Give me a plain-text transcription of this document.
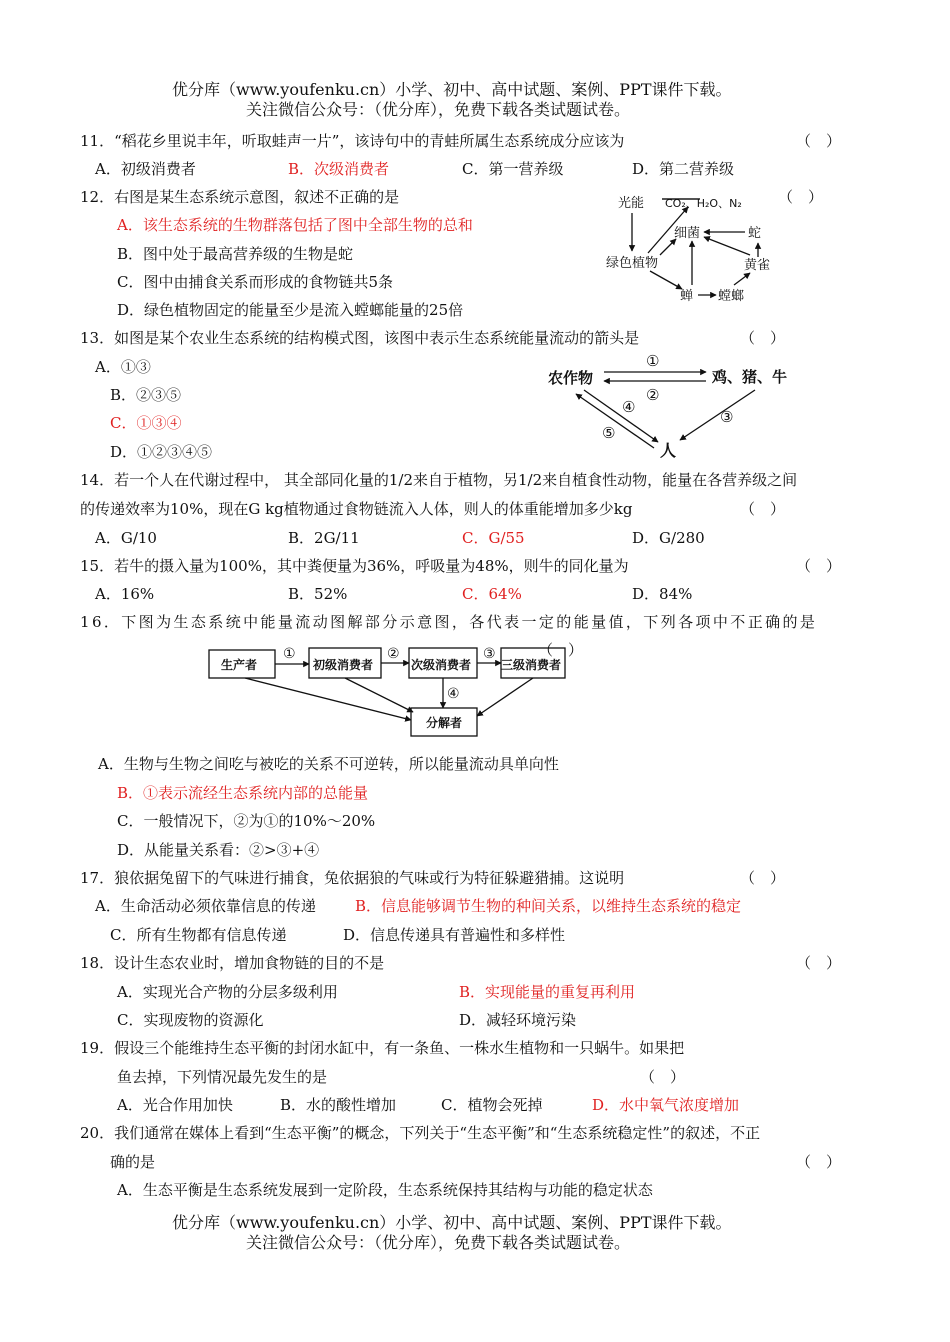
优分库（www.youfenku.cn）小学、初中、高中试题、案例、PPT课件下载。
关注微信公众号：（优分库），免费下载各类试题试卷。
11．“稻花乡里说丰年，听取蛙声一片”，该诗句中的青蛙所属生态系统成分应该为	（　）
A．初级消费者	B．次级消费者	C．第一营养级	D．第二营养级
12．右图是某生态系统示意图，叙述不正确的是	（　）
A．该生态系统的生物群落包括了图中全部生物的总和
B．图中处于最高营养级的生物是蛇
C．图中由捕食关系而形成的食物链共5条
D．绿色植物固定的能量至少是流入螳螂能量的25倍
光能 CO₂、H₂O、N₂
细菌	蛇
绿色植物	黄雀
蝉 螳螂
13．如图是某个农业生态系统的结构模式图，该图中表示生态系统能量流动的箭头是	（　）
A．①③
B．②③⑤
C．①③④
D．①②③④⑤
农作物	鸡、猪、牛
人
①
②
③
④
⑤
14．若一个人在代谢过程中， 其全部同化量的1/2来自于植物，另1/2来自植食性动物，能量在各营养级之间
的传递效率为10%，现在G kg植物通过食物链流入人体，则人的体重能增加多少kg	（　）
A．G/10	B．2G/11	C．G/55	D．G/280
15．若牛的摄入量为100%，其中粪便量为36%，呼吸量为48%，则牛的同化量为	（　）
A．16%	B．52%	C．64%	D．84%
16．下图为生态系统中能量流动图解部分示意图，各代表一定的能量值，下列各项中不正确的是
生产者	初级消费者	次级消费者 三级消费者
分解者
①	②	③
④
（　）
A．生物与生物之间吃与被吃的关系不可逆转，所以能量流动具单向性
B．①表示流经生态系统内部的总能量
C．一般情况下，②为①的10%～20%
D．从能量关系看：②>③+④
17．狼依据兔留下的气味进行捕食，兔依据狼的气味或行为特征躲避猎捕。这说明	（　）
A．生命活动必须依靠信息的传递	B．信息能够调节生物的种间关系，以维持生态系统的稳定
C．所有生物都有信息传递	D．信息传递具有普遍性和多样性
18．设计生态农业时，增加食物链的目的不是	（　）
A．实现光合产物的分层多级利用	B．实现能量的重复再利用
C．实现废物的资源化	D．减轻环境污染
19．假设三个能维持生态平衡的封闭水缸中，有一条鱼、一株水生植物和一只蜗牛。如果把
鱼去掉，下列情况最先发生的是	（　）
A．光合作用加快	B．水的酸性增加	C．植物会死掉	D．水中氧气浓度增加
20．我们通常在媒体上看到“生态平衡”的概念，下列关于“生态平衡”和“生态系统稳定性”的叙述，不正
确的是	（　）
A．生态平衡是生态系统发展到一定阶段，生态系统保持其结构与功能的稳定状态
优分库（www.youfenku.cn）小学、初中、高中试题、案例、PPT课件下载。
关注微信公众号：（优分库），免费下载各类试题试卷。
